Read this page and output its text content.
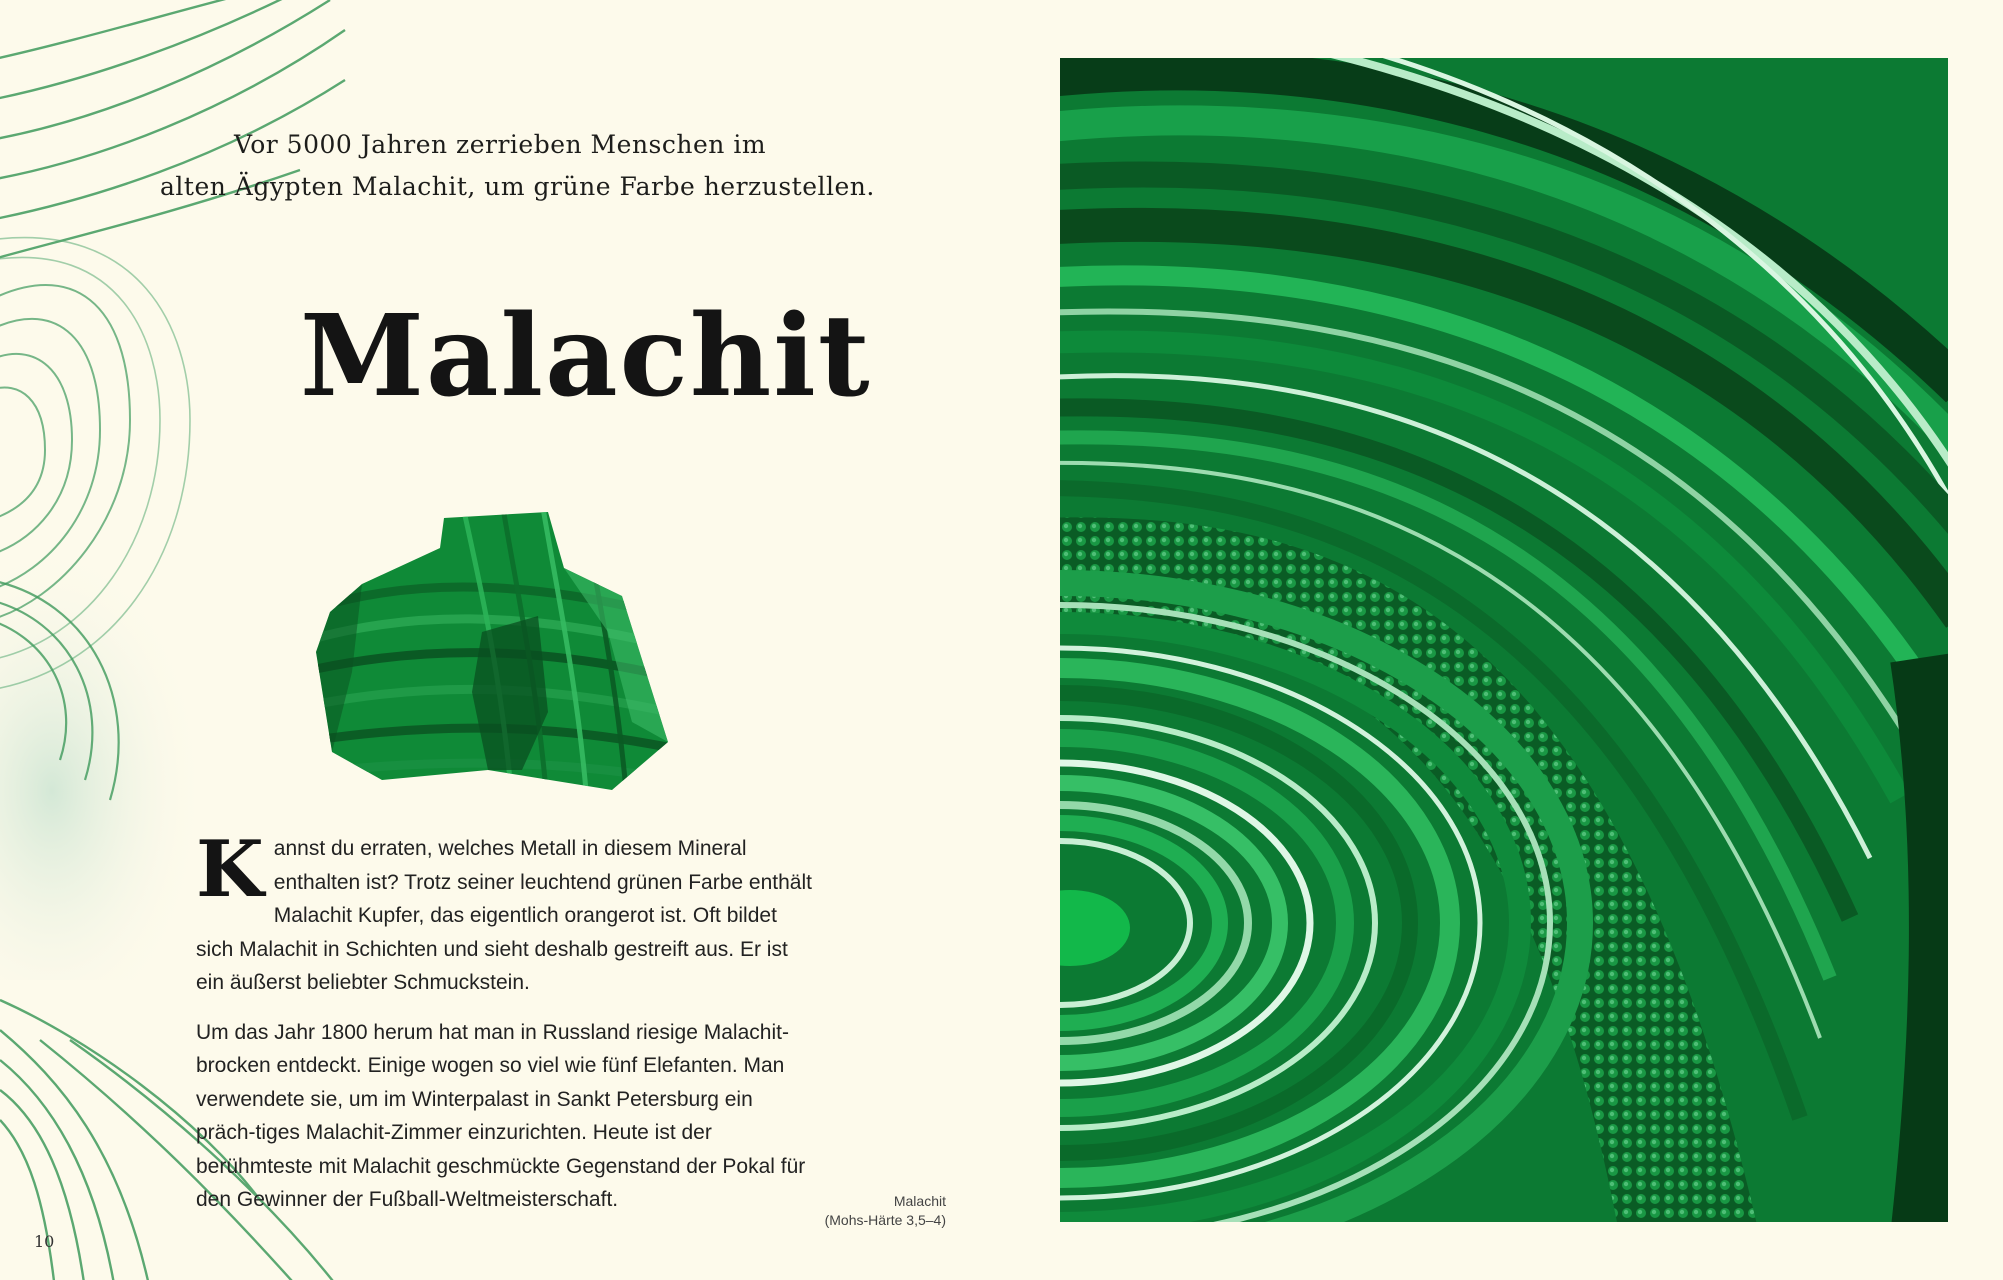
Vor 5000 Jahren zerrieben Menschen im
alten Ägypten Malachit, um grüne Farbe herzustellen.
Malachit

Kannst du erraten, welches Metall in diesem Mineral enthalten ist? Trotz seiner leuchtend grünen Farbe enthält Malachit Kupfer, das eigentlich orangerot ist. Oft bildet sich Malachit in Schichten und sieht deshalb gestreift aus. Er ist ein äußerst beliebter Schmuckstein.

Um das Jahr 1800 herum hat man in Russland riesige Malachit-brocken entdeckt. Einige wogen so viel wie fünf Elefanten. Man verwendete sie, um im Winterpalast in Sankt Petersburg ein präch-tiges Malachit-Zimmer einzurichten. Heute ist der berühmteste mit Malachit geschmückte Gegenstand der Pokal für den Gewinner der Fußball-Weltmeisterschaft.	Malachit
(Mohs-Härte 3,5–4)
10
